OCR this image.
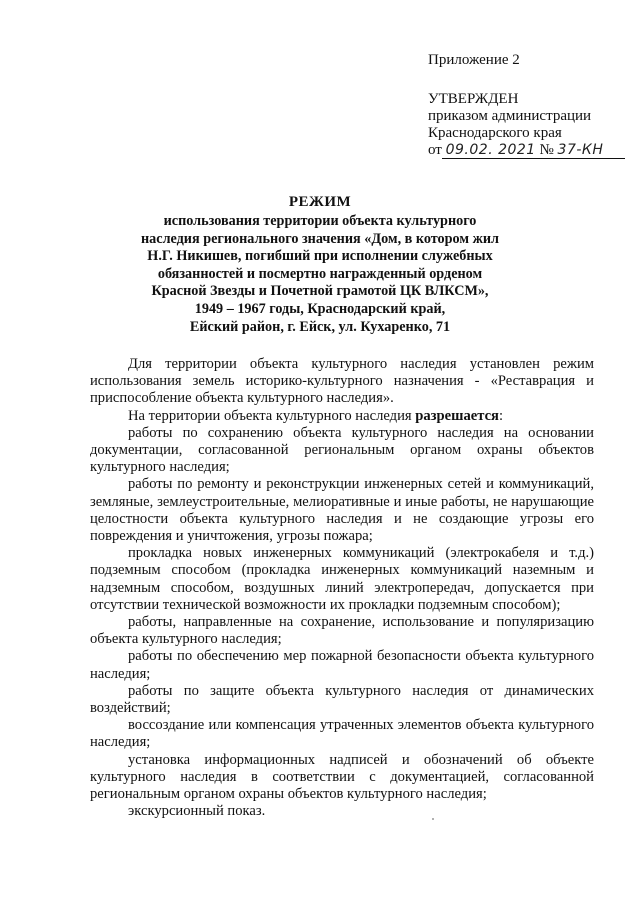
Приложение 2
УТВЕРЖДЕН
приказом администрации
Краснодарского края
от 09.02. 2021 № 37-КН
РЕЖИМ
использования территории объекта культурного
наследия регионального значения «Дом, в котором жил
Н.Г. Никишев, погибший при исполнении служебных
обязанностей и посмертно награжденный орденом
Красной Звезды и Почетной грамотой ЦК ВЛКСМ»,
1949 – 1967 годы, Краснодарский край,
Ейский район, г. Ейск, ул. Кухаренко, 71

Для территории объекта культурного наследия установлен режим использования земель историко-культурного назначения - «Реставрация и приспособление объекта культурного наследия».

На территории объекта культурного наследия разрешается:

работы по сохранению объекта культурного наследия на основании документации, согласованной региональным органом охраны объектов культурного наследия;

работы по ремонту и реконструкции инженерных сетей и коммуникаций, земляные, землеустроительные, мелиоративные и иные работы, не нарушающие целостности объекта культурного наследия и не создающие угрозы его повреждения и уничтожения, угрозы пожара;

прокладка новых инженерных коммуникаций (электрокабеля и т.д.) подземным способом (прокладка инженерных коммуникаций наземным и надземным способом, воздушных линий электропередач, допускается при отсутствии технической возможности их прокладки подземным способом);

работы, направленные на сохранение, использование и популяризацию объекта культурного наследия;

работы по обеспечению мер пожарной безопасности объекта культурного наследия;

работы по защите объекта культурного наследия от динамических воздействий;

воссоздание или компенсация утраченных элементов объекта культурного наследия;

установка информационных надписей и обозначений об объекте культурного наследия в соответствии с документацией, согласованной региональным органом охраны объектов культурного наследия;

экскурсионный показ.
